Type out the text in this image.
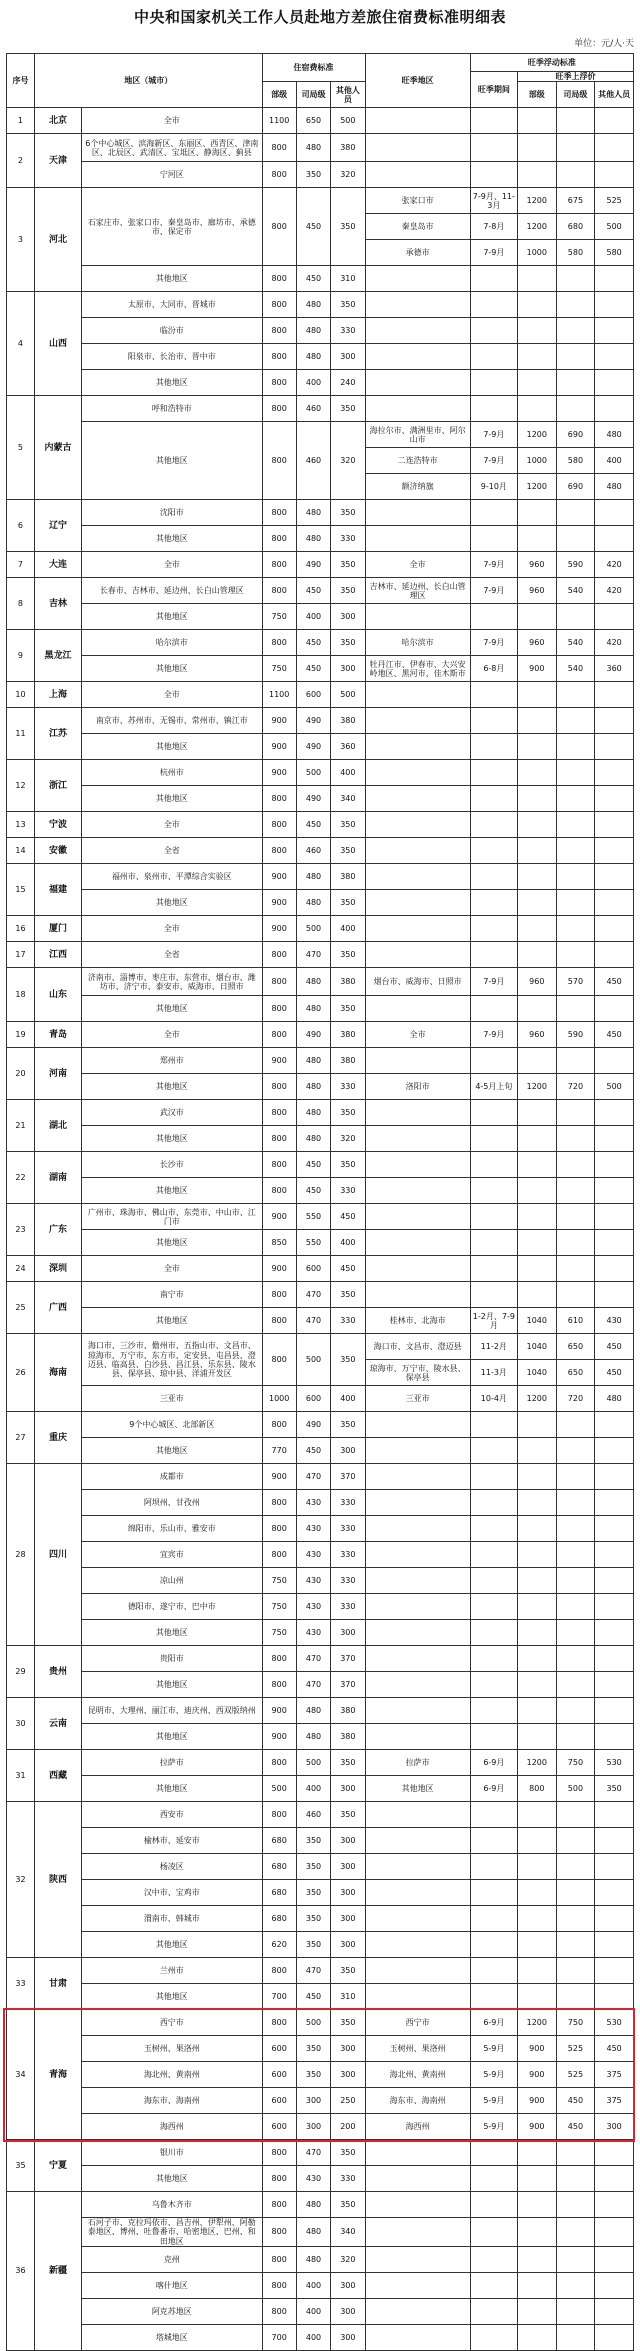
中央和国家机关工作人员赴地方差旅住宿费标准明细表
单位：元/人·天
序号	地区（城市）		住宿费标准			旺季地区	旺季浮动标准			
							旺季期间	旺季上浮价		
			部级	司局级	其他人员			部级	司局级	其他人员
1	北京	全市	1100	650	500					
2	天津	6个中心城区、滨海新区、东丽区、西青区、津南区、北辰区、武清区、宝坻区、静海区、蓟县	800	480	380					
		宁河区	800	350	320					
3	河北	石家庄市、张家口市、秦皇岛市、廊坊市、承德市、保定市	800	450	350	张家口市	7-9月、11-3月	1200	675	525
						秦皇岛市	7-8月	1200	680	500
						承德市	7-9月	1000	580	580
		其他地区	800	450	310					
4	山西	太原市、大同市、晋城市	800	480	350					
		临汾市	800	480	330					
		阳泉市、长治市、晋中市	800	480	300					
		其他地区	800	400	240					
5	内蒙古	呼和浩特市	800	460	350					
		其他地区	800	460	320	海拉尔市、满洲里市、阿尔山市	7-9月	1200	690	480
						二连浩特市	7-9月	1000	580	400
						额济纳旗	9-10月	1200	690	480
6	辽宁	沈阳市	800	480	350					
		其他地区	800	480	330					
7	大连	全市	800	490	350	全市	7-9月	960	590	420
8	吉林	长春市、吉林市、延边州、长白山管理区	800	450	350	吉林市、延边州、长白山管理区	7-9月	960	540	420
		其他地区	750	400	300					
9	黑龙江	哈尔滨市	800	450	350	哈尔滨市	7-9月	960	540	420
		其他地区	750	450	300	牡丹江市、伊春市、大兴安岭地区、黑河市、佳木斯市	6-8月	900	540	360
10	上海	全市	1100	600	500					
11	江苏	南京市、苏州市、无锡市、常州市、镇江市	900	490	380					
		其他地区	900	490	360					
12	浙江	杭州市	900	500	400					
		其他地区	800	490	340					
13	宁波	全市	800	450	350					
14	安徽	全省	800	460	350					
15	福建	福州市、泉州市、平潭综合实验区	900	480	380					
		其他地区	900	480	350					
16	厦门	全市	900	500	400					
17	江西	全省	800	470	350					
18	山东	济南市、淄博市、枣庄市、东营市、烟台市、潍坊市、济宁市、泰安市、威海市、日照市	800	480	380	烟台市、威海市、日照市	7-9月	960	570	450
		其他地区	800	480	350					
19	青岛	全市	800	490	380	全市	7-9月	960	590	450
20	河南	郑州市	900	480	380					
		其他地区	800	480	330	洛阳市	4-5月上旬	1200	720	500
21	湖北	武汉市	800	480	350					
		其他地区	800	480	320					
22	湖南	长沙市	800	450	350					
		其他地区	800	450	330					
23	广东	广州市、珠海市、佛山市、东莞市、中山市、江门市	900	550	450					
		其他地区	850	550	400					
24	深圳	全市	900	600	450					
25	广西	南宁市	800	470	350					
		其他地区	800	470	330	桂林市、北海市	1-2月、7-9月	1040	610	430
26	海南	海口市、三沙市、儋州市、五指山市、文昌市、琼海市、万宁市、东方市、定安县、屯昌县、澄迈县、临高县、白沙县、昌江县、乐东县、陵水县、保亭县、琼中县、洋浦开发区	800	500	350	海口市、文昌市、澄迈县	11-2月	1040	650	450
						琼海市、万宁市、陵水县、保亭县	11-3月	1040	650	450
		三亚市	1000	600	400	三亚市	10-4月	1200	720	480
27	重庆	9个中心城区、北部新区	800	490	350					
		其他地区	770	450	300					
28	四川	成都市	900	470	370					
		阿坝州、甘孜州	800	430	330					
		绵阳市、乐山市、雅安市	800	430	330					
		宜宾市	800	430	330					
		凉山州	750	430	330					
		德阳市、遂宁市、巴中市	750	430	330					
		其他地区	750	430	300					
29	贵州	贵阳市	800	470	370					
		其他地区	800	470	370					
30	云南	昆明市、大理州、丽江市、迪庆州、西双版纳州	900	480	380					
		其他地区	900	480	380					
31	西藏	拉萨市	800	500	350	拉萨市	6-9月	1200	750	530
		其他地区	500	400	300	其他地区	6-9月	800	500	350
32	陕西	西安市	800	460	350					
		榆林市、延安市	680	350	300					
		杨凌区	680	350	300					
		汉中市、宝鸡市	680	350	300					
		渭南市、韩城市	680	350	300					
		其他地区	620	350	300					
33	甘肃	兰州市	800	470	350					
		其他地区	700	450	310					
34	青海	西宁市	800	500	350	西宁市	6-9月	1200	750	530
		玉树州、果洛州	600	350	300	玉树州、果洛州	5-9月	900	525	450
		海北州、黄南州	600	350	300	海北州、黄南州	5-9月	900	525	375
		海东市、海南州	600	300	250	海东市、海南州	5-9月	900	450	375
		海西州	600	300	200	海西州	5-9月	900	450	300
35	宁夏	银川市	800	470	350					
		其他地区	800	430	330					
36	新疆	乌鲁木齐市	800	480	350					
		石河子市、克拉玛依市、昌吉州、伊犁州、阿勒泰地区、博州、吐鲁番市、哈密地区、巴州、和田地区	800	480	340					
		克州	800	480	320					
		喀什地区	800	400	300					
		阿克苏地区	800	400	300					
		塔城地区	700	400	300					
